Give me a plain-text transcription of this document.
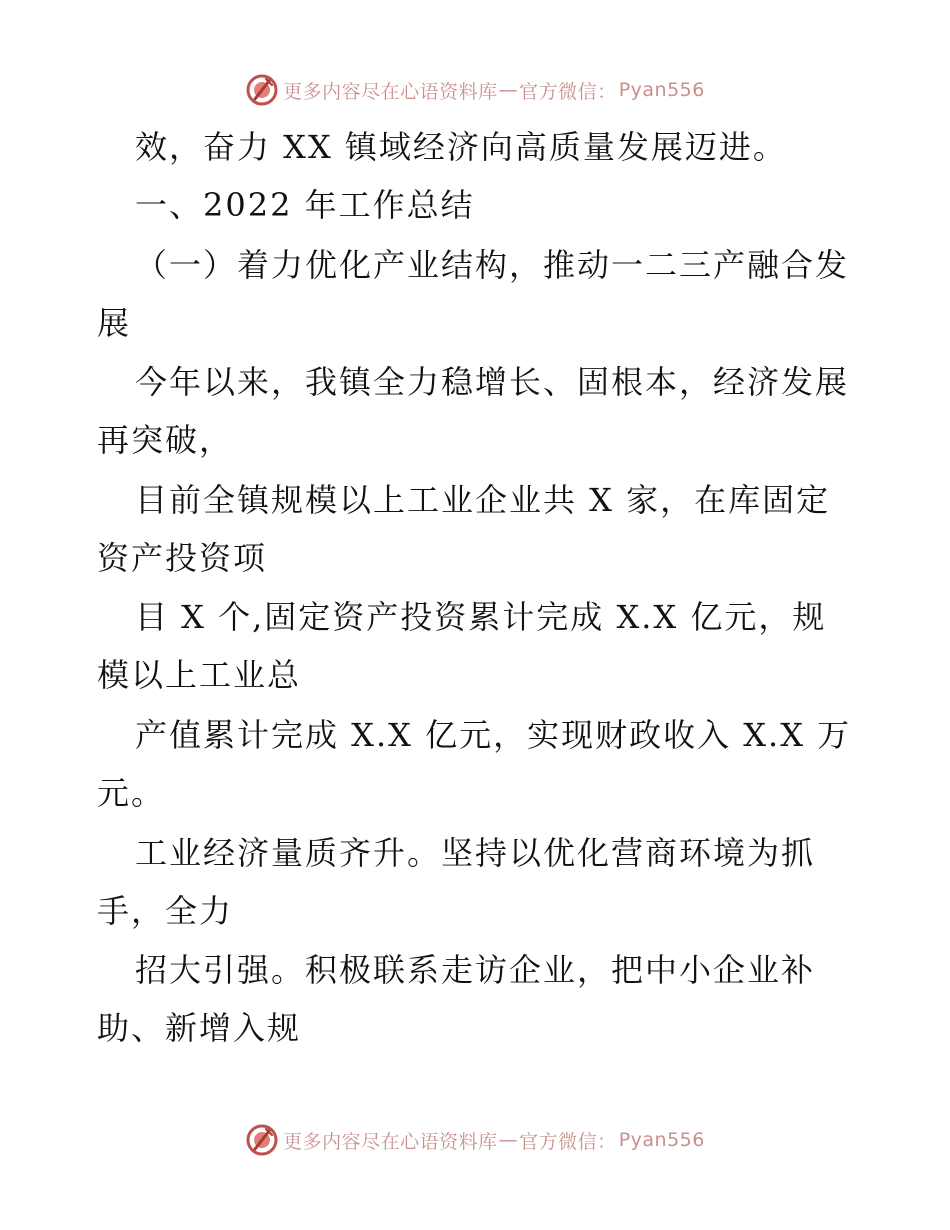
更多内容尽在心语资料库 — 官方微信： Pyan556

效，奋力 XX 镇域经济向高质量发展迈进。

一、2022 年工作总结

（一）着力优化产业结构，推动一二三产融合发展

今年以来，我镇全力稳增长、固根本，经济发展再突破，

目前全镇规模以上工业企业共 X 家，在库固定资产投资项

目 X 个,固定资产投资累计完成 X.X 亿元，规模以上工业总

产值累计完成 X.X 亿元，实现财政收入 X.X 万元。

工业经济量质齐升。坚持以优化营商环境为抓手，全力

招大引强。积极联系走访企业，把中小企业补助、新增入规

更多内容尽在心语资料库 — 官方微信： Pyan556
